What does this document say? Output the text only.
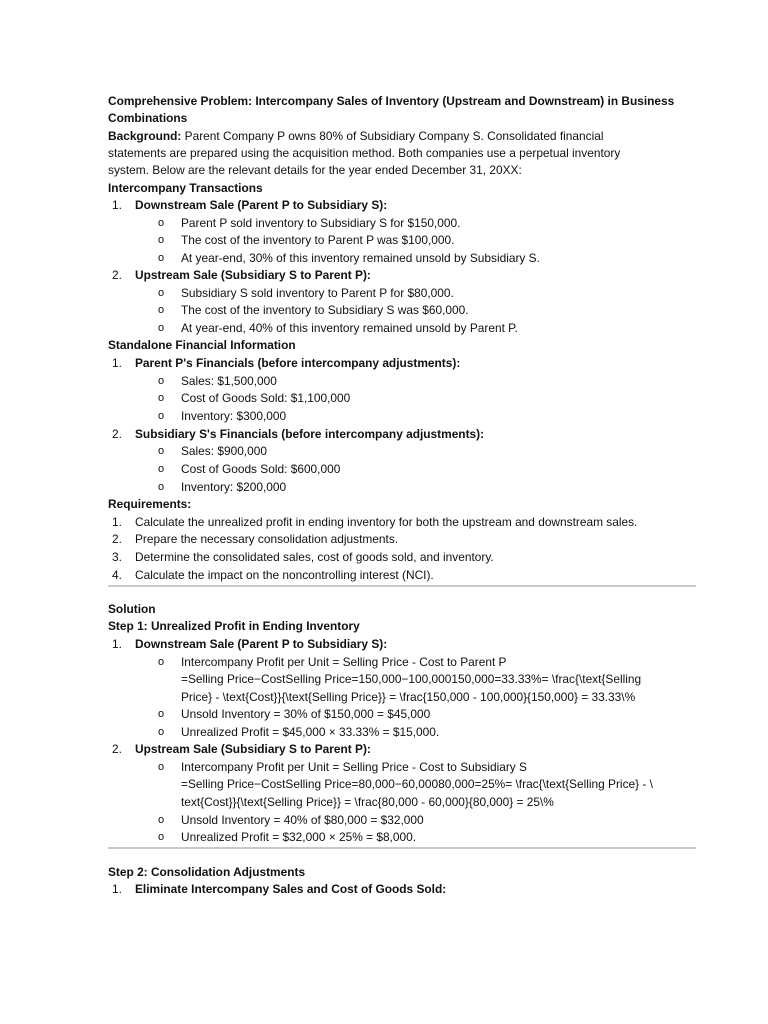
Comprehensive Problem: Intercompany Sales of Inventory (Upstream and Downstream) in Business
Combinations
Background: Parent Company P owns 80% of Subsidiary Company S. Consolidated financial
statements are prepared using the acquisition method. Both companies use a perpetual inventory
system. Below are the relevant details for the year ended December 31, 20XX:
Intercompany Transactions
1. Downstream Sale (Parent P to Subsidiary S):
o Parent P sold inventory to Subsidiary S for $150,000.
o The cost of the inventory to Parent P was $100,000.
o At year-end, 30% of this inventory remained unsold by Subsidiary S.
2. Upstream Sale (Subsidiary S to Parent P):
o Subsidiary S sold inventory to Parent P for $80,000.
o The cost of the inventory to Subsidiary S was $60,000.
o At year-end, 40% of this inventory remained unsold by Parent P.
Standalone Financial Information
1. Parent P's Financials (before intercompany adjustments):
o Sales: $1,500,000
o Cost of Goods Sold: $1,100,000
o Inventory: $300,000
2. Subsidiary S's Financials (before intercompany adjustments):
o Sales: $900,000
o Cost of Goods Sold: $600,000
o Inventory: $200,000
Requirements:
1. Calculate the unrealized profit in ending inventory for both the upstream and downstream sales.
2. Prepare the necessary consolidation adjustments.
3. Determine the consolidated sales, cost of goods sold, and inventory.
4. Calculate the impact on the noncontrolling interest (NCI).
Solution
Step 1: Unrealized Profit in Ending Inventory
1. Downstream Sale (Parent P to Subsidiary S):
o Intercompany Profit per Unit = Selling Price - Cost to Parent P
=Selling Price−CostSelling Price=150,000−100,000150,000=33.33%= \frac{\text{Selling
Price} - \text{Cost}}{\text{Selling Price}} = \frac{150,000 - 100,000}{150,000} = 33.33\%
o Unsold Inventory = 30% of $150,000 = $45,000
o Unrealized Profit = $45,000 × 33.33% = $15,000.
2. Upstream Sale (Subsidiary S to Parent P):
o Intercompany Profit per Unit = Selling Price - Cost to Subsidiary S
=Selling Price−CostSelling Price=80,000−60,00080,000=25%= \frac{\text{Selling Price} - \
text{Cost}}{\text{Selling Price}} = \frac{80,000 - 60,000}{80,000} = 25\%
o Unsold Inventory = 40% of $80,000 = $32,000
o Unrealized Profit = $32,000 × 25% = $8,000.
Step 2: Consolidation Adjustments
1. Eliminate Intercompany Sales and Cost of Goods Sold:
